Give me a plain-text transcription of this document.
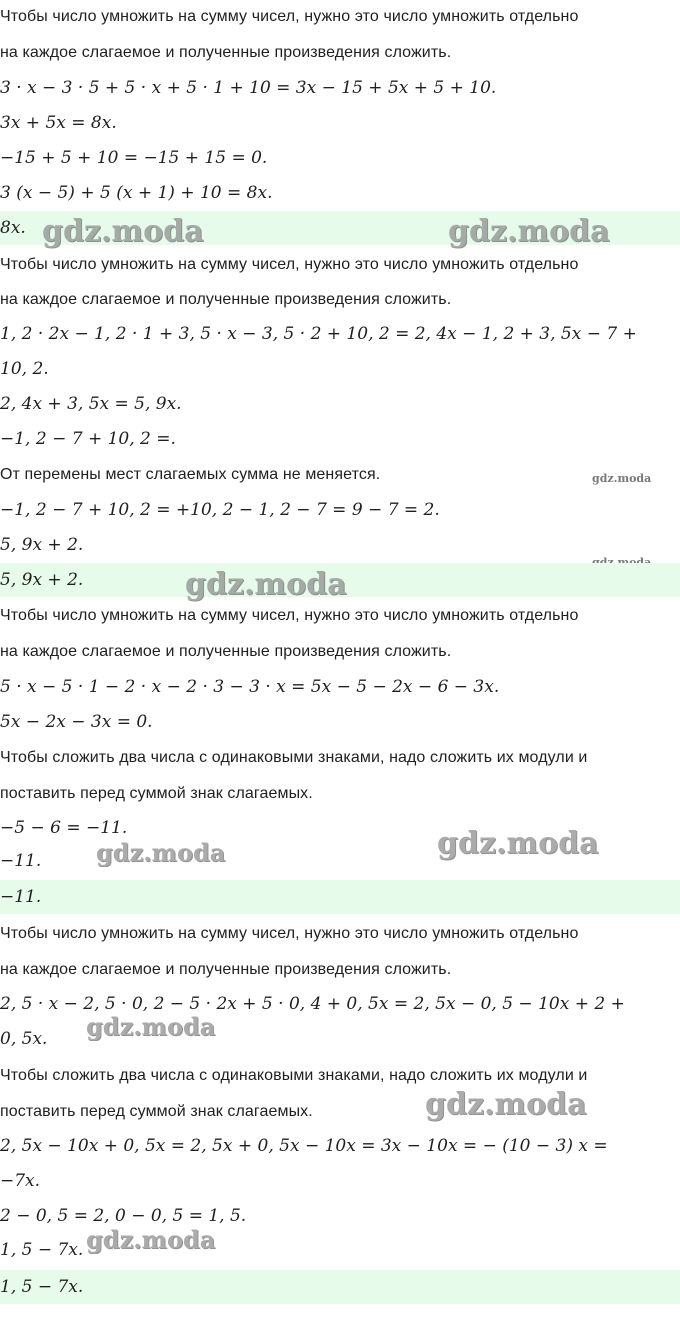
Чтобы число умножить на сумму чисел, нужно это число умножить отдельно
на каждое слагаемое и полученные произведения сложить.
3 · x − 3 · 5 + 5 · x + 5 · 1 + 10 = 3x − 15 + 5x + 5 + 10.
3x + 5x = 8x.
−15 + 5 + 10 = −15 + 15 = 0.
3 (x − 5) + 5 (x + 1) + 10 = 8x.
8x. gdz.moda	gdz.moda
Чтобы число умножить на сумму чисел, нужно это число умножить отдельно
на каждое слагаемое и полученные произведения сложить.
1, 2 · 2x − 1, 2 · 1 + 3, 5 · x − 3, 5 · 2 + 10, 2 = 2, 4x − 1, 2 + 3, 5x − 7 +
10, 2.
2, 4x + 3, 5x = 5, 9x.
−1, 2 − 7 + 10, 2 =.
От перемены мест слагаемых сумма не меняется.	gdz.moda
−1, 2 − 7 + 10, 2 = +10, 2 − 1, 2 − 7 = 9 − 7 = 2.
5, 9x + 2.
5, 9x + 2.	gdz.moda
Чтобы число умножить на сумму чисел, нужно это число умножить отдельно
на каждое слагаемое и полученные произведения сложить.
5 · x − 5 · 1 − 2 · x − 2 · 3 − 3 · x = 5x − 5 − 2x − 6 − 3x.
5x − 2x − 3x = 0.
Чтобы сложить два числа с одинаковыми знаками, надо сложить их модули и
поставить перед суммой знак слагаемых.
−5 − 6 = −11.
−11. gdz.moda	gdz.moda
−11.
Чтобы число умножить на сумму чисел, нужно это число умножить отдельно
на каждое слагаемое и полученные произведения сложить.
2, 5 · x − 2, 5 · 0, 2 − 5 · 2x + 5 · 0, 4 + 0, 5x = 2, 5x − 0, 5 − 10x + 2 +
0, 5x. gdz.moda
Чтобы сложить два числа с одинаковыми знаками, надо сложить их модули и
поставить перед суммой знак слагаемых.	gdz.moda
2, 5x − 10x + 0, 5x = 2, 5x + 0, 5x − 10x = 3x − 10x = − (10 − 3) x =
−7x.
2 − 0, 5 = 2, 0 − 0, 5 = 1, 5.
1, 5 − 7x. gdz.moda
1, 5 − 7x.
